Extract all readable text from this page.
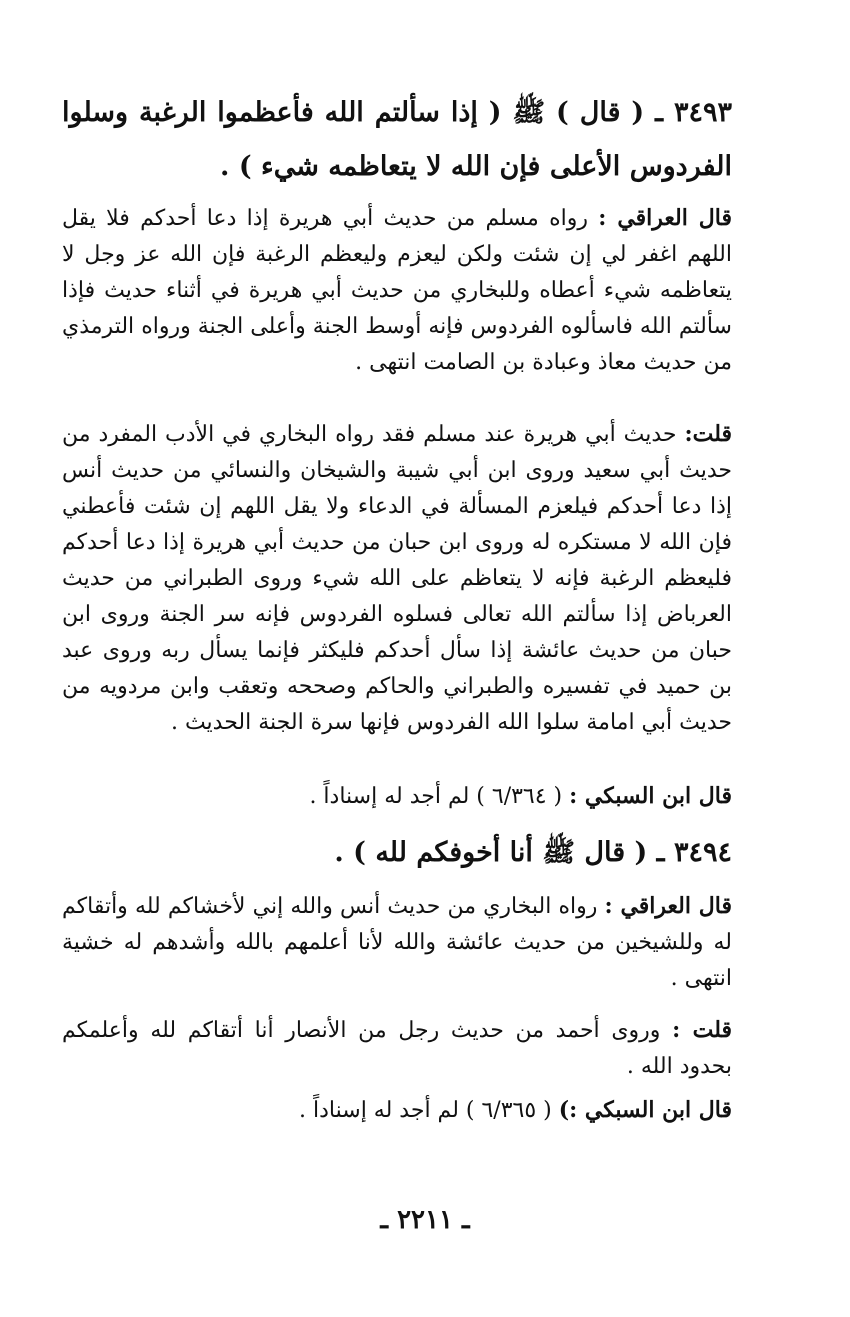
٣٤٩٣ ـ ( قال ) ﷺ ( إذا سألتم الله فأعظموا الرغبة وسلوا الفردوس الأعلى فإن الله لا يتعاظمه شيء ) .
قال العراقي : رواه مسلم من حديث أبي هريرة إذا دعا أحدكم فلا يقل اللهم اغفر لي إن شئت ولكن ليعزم وليعظم الرغبة فإن الله عز وجل لا يتعاظمه شيء أعطاه وللبخاري من حديث أبي هريرة في أثناء حديث فإذا سألتم الله فاسألوه الفردوس فإنه أوسط الجنة وأعلى الجنة ورواه الترمذي من حديث معاذ وعبادة بن الصامت انتهى .
قلت: حديث أبي هريرة عند مسلم فقد رواه البخاري في الأدب المفرد من حديث أبي سعيد وروى ابن أبي شيبة والشيخان والنسائي من حديث أنس إذا دعا أحدكم فيلعزم المسألة في الدعاء ولا يقل اللهم إن شئت فأعطني فإن الله لا مستكره له وروى ابن حبان من حديث أبي هريرة إذا دعا أحدكم فليعظم الرغبة فإنه لا يتعاظم على الله شيء وروى الطبراني من حديث العرباض إذا سألتم الله تعالى فسلوه الفردوس فإنه سر الجنة وروى ابن حبان من حديث عائشة إذا سأل أحدكم فليكثر فإنما يسأل ربه وروى عبد بن حميد في تفسيره والطبراني والحاكم وصححه وتعقب وابن مردويه من حديث أبي امامة سلوا الله الفردوس فإنها سرة الجنة الحديث .
قال ابن السبكي : ( ٦/٣٦٤ ) لم أجد له إسناداً .
٣٤٩٤ ـ ( قال ﷺ أنا أخوفكم لله ) .
قال العراقي : رواه البخاري من حديث أنس والله إني لأخشاكم لله وأتقاكم له وللشيخين من حديث عائشة والله لأنا أعلمهم بالله وأشدهم له خشية انتهى .
قلت : وروى أحمد من حديث رجل من الأنصار أنا أتقاكم لله وأعلمكم بحدود الله .
قال ابن السبكي :) ( ٦/٣٦٥ ) لم أجد له إسناداً .
ـ ٢٢١١ ـ
